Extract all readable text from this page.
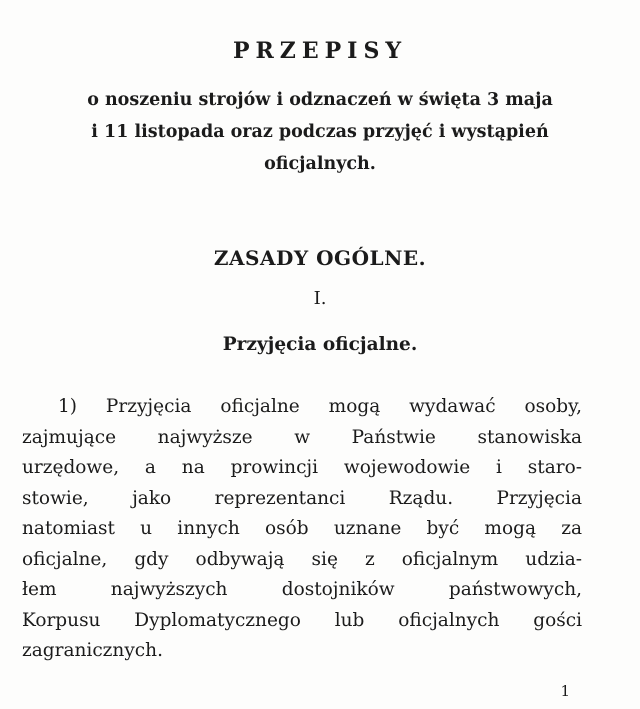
PRZEPISY
o noszeniu strojów i odznaczeń w święta 3 maja
i 11 listopada oraz podczas przyjęć i wystąpień
oficjalnych.
ZASADY OGÓLNE.
I.
Przyjęcia oficjalne.
1) Przyjęcia oficjalne mogą wydawać osoby,
zajmujące najwyższe w Państwie stanowiska
urzędowe, a na prowincji wojewodowie i staro-
stowie, jako reprezentanci Rządu. Przyjęcia
natomiast u innych osób uznane być mogą za
oficjalne, gdy odbywają się z oficjalnym udzia-
łem najwyższych dostojników państwowych,
Korpusu Dyplomatycznego lub oficjalnych gości
zagranicznych.
1
